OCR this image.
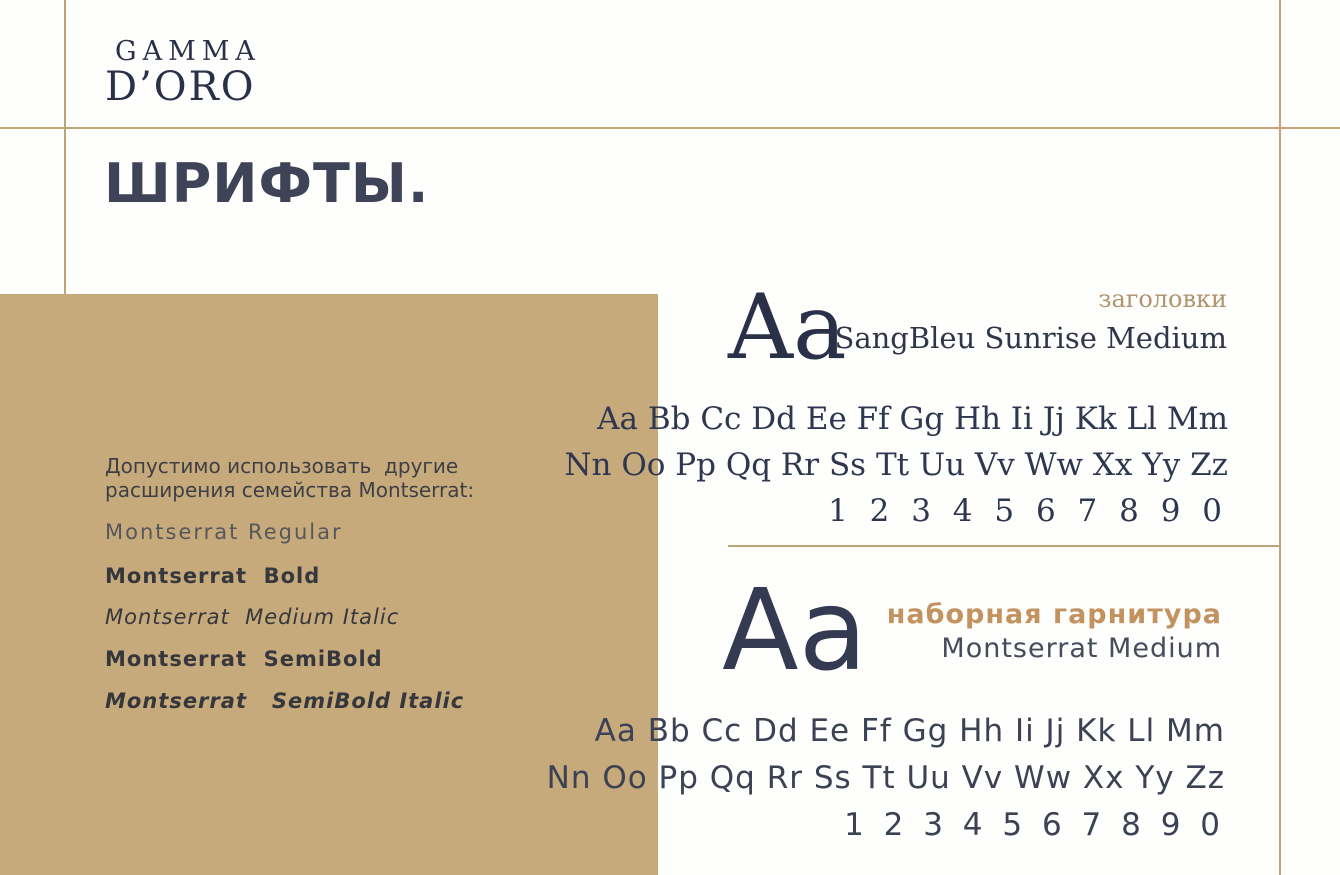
GAMMA
D’ORO
ШРИФТЫ.
Допустимо использовать  другие
расширения семейства Montserrat:
Montserrat Regular
Montserrat  Bold
Montserrat  Medium Italic
Montserrat  SemiBold
Montserrat   SemiBold Italic
Aa	заголовки
SangBleu Sunrise Medium
Aa Bb Cc Dd Ee Ff Gg Hh Ii Jj Kk Ll Mm
Nn Oo Pp Qq Rr Ss Tt Uu Vv Ww Xx Yy Zz
1 2 3 4 5 6 7 8 9 0
Aa наборная гарнитура
Montserrat Medium
Aa Bb Cc Dd Ee Ff Gg Hh Ii Jj Kk Ll Mm
Nn Oo Pp Qq Rr Ss Tt Uu Vv Ww Xx Yy Zz
1 2 3 4 5 6 7 8 9 0
